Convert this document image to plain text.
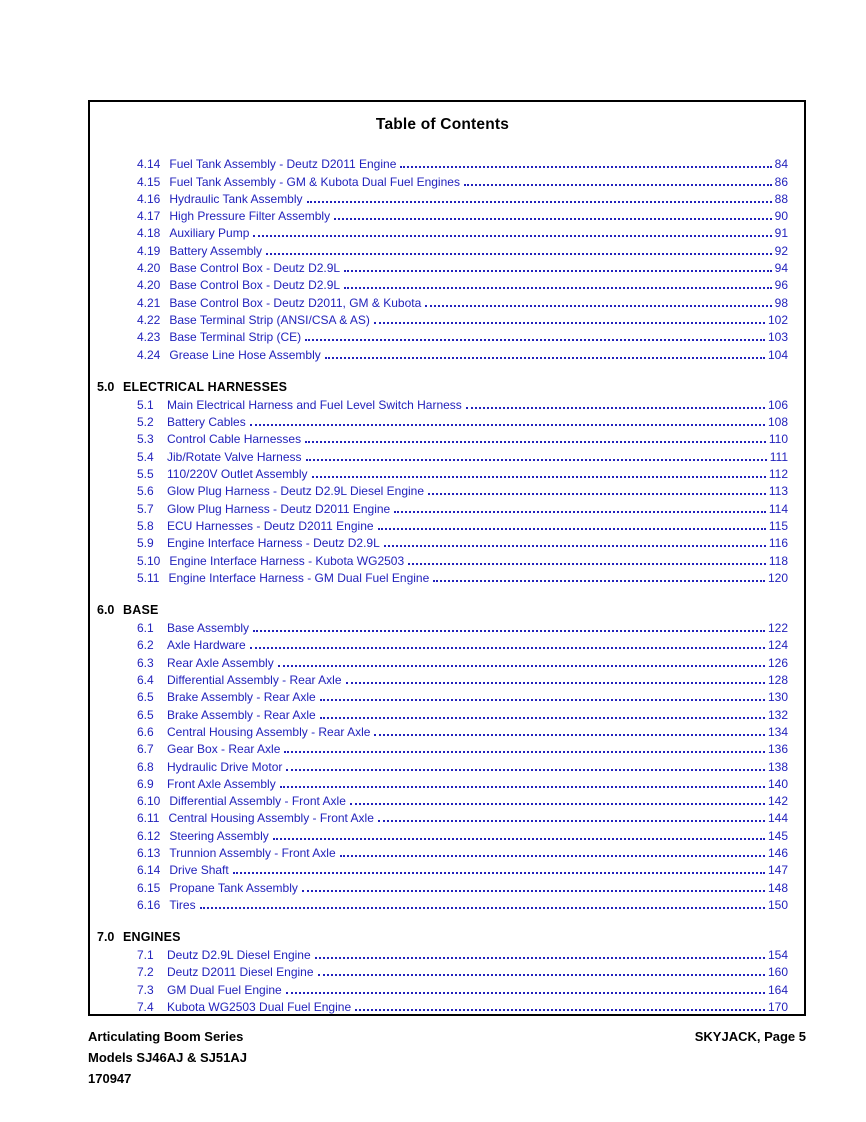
Table of Contents
4.14 Fuel Tank Assembly - Deutz D2011 Engine	84
4.15 Fuel Tank Assembly - GM & Kubota Dual Fuel Engines	86
4.16 Hydraulic Tank Assembly	88
4.17 High Pressure Filter Assembly	90
4.18 Auxiliary Pump	91
4.19 Battery Assembly	92
4.20 Base Control Box - Deutz D2.9L	94
4.20 Base Control Box - Deutz D2.9L	96
4.21 Base Control Box - Deutz D2011, GM & Kubota	98
4.22 Base Terminal Strip (ANSI/CSA & AS)	102
4.23 Base Terminal Strip (CE)	103
4.24 Grease Line Hose Assembly	104
5.0 ELECTRICAL HARNESSES
5.1	Main Electrical Harness and Fuel Level Switch Harness	106
5.2	Battery Cables	108
5.3	Control Cable Harnesses	110
5.4	Jib/Rotate Valve Harness	111
5.5	110/220V Outlet Assembly	112
5.6	Glow Plug Harness - Deutz D2.9L Diesel Engine	113
5.7	Glow Plug Harness - Deutz D2011 Engine	114
5.8	ECU Harnesses - Deutz D2011 Engine	115
5.9	Engine Interface Harness - Deutz D2.9L	116
5.10 Engine Interface Harness - Kubota WG2503	118
5.11 Engine Interface Harness - GM Dual Fuel Engine	120
6.0 BASE
6.1	Base Assembly	122
6.2	Axle Hardware	124
6.3	Rear Axle Assembly	126
6.4	Differential Assembly - Rear Axle	128
6.5	Brake Assembly - Rear Axle	130
6.5	Brake Assembly - Rear Axle	132
6.6	Central Housing Assembly - Rear Axle	134
6.7	Gear Box - Rear Axle	136
6.8	Hydraulic Drive Motor	138
6.9	Front Axle Assembly	140
6.10 Differential Assembly - Front Axle	142
6.11 Central Housing Assembly - Front Axle	144
6.12 Steering Assembly	145
6.13 Trunnion Assembly - Front Axle	146
6.14 Drive Shaft	147
6.15 Propane Tank Assembly	148
6.16 Tires	150
7.0 ENGINES
7.1	Deutz D2.9L Diesel Engine	154
7.2	Deutz D2011 Diesel Engine	160
7.3	GM Dual Fuel Engine	164
7.4	Kubota WG2503 Dual Fuel Engine	170
Articulating Boom Series
Models SJ46AJ & SJ51AJ
170947
SKYJACK, Page 5
